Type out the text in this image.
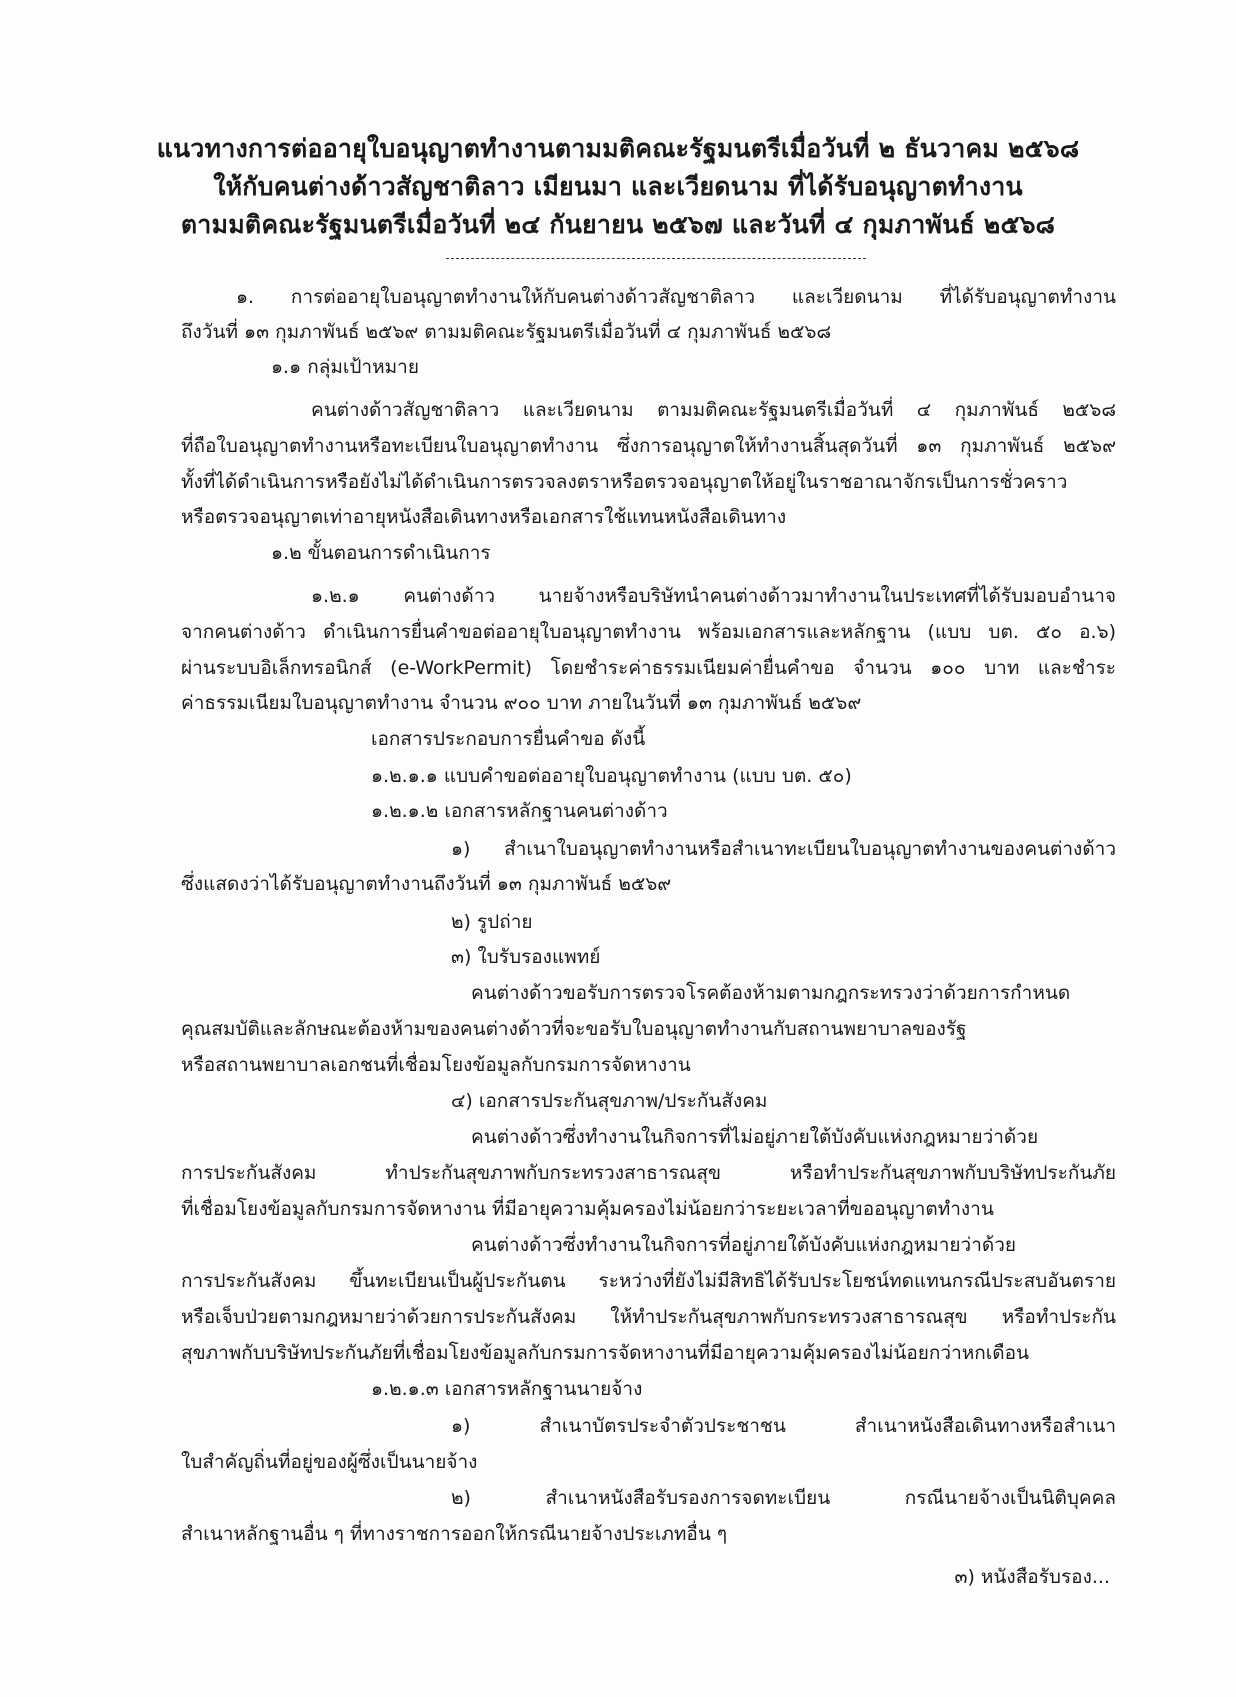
แนวทางการต่ออายุใบอนุญาตทำงานตามมติคณะรัฐมนตรีเมื่อวันที่ ๒ ธันวาคม ๒๕๖๘
ให้กับคนต่างด้าวสัญชาติลาว เมียนมา และเวียดนาม ที่ได้รับอนุญาตทำงาน
ตามมติคณะรัฐมนตรีเมื่อวันที่ ๒๔ กันยายน ๒๕๖๗ และวันที่ ๔ กุมภาพันธ์ ๒๕๖๘
๑. การต่ออายุใบอนุญาตทำงานให้กับคนต่างด้าวสัญชาติลาว และเวียดนาม ที่ได้รับอนุญาตทำงาน
ถึงวันที่ ๑๓ กุมภาพันธ์ ๒๕๖๙ ตามมติคณะรัฐมนตรีเมื่อวันที่ ๔ กุมภาพันธ์ ๒๕๖๘
๑.๑ กลุ่มเป้าหมาย
คนต่างด้าวสัญชาติลาว และเวียดนาม ตามมติคณะรัฐมนตรีเมื่อวันที่ ๔ กุมภาพันธ์ ๒๕๖๘
ที่ถือใบอนุญาตทำงานหรือทะเบียนใบอนุญาตทำงาน ซึ่งการอนุญาตให้ทำงานสิ้นสุดวันที่ ๑๓ กุมภาพันธ์ ๒๕๖๙
ทั้งที่ได้ดำเนินการหรือยังไม่ได้ดำเนินการตรวจลงตราหรือตรวจอนุญาตให้อยู่ในราชอาณาจักรเป็นการชั่วคราว
หรือตรวจอนุญาตเท่าอายุหนังสือเดินทางหรือเอกสารใช้แทนหนังสือเดินทาง
๑.๒ ขั้นตอนการดำเนินการ
๑.๒.๑ คนต่างด้าว นายจ้างหรือบริษัทนำคนต่างด้าวมาทำงานในประเทศที่ได้รับมอบอำนาจ
จากคนต่างด้าว ดำเนินการยื่นคำขอต่ออายุใบอนุญาตทำงาน พร้อมเอกสารและหลักฐาน (แบบ บต. ๕๐ อ.๖)
ผ่านระบบอิเล็กทรอนิกส์ (e-WorkPermit) โดยชำระค่าธรรมเนียมค่ายื่นคำขอ จำนวน ๑๐๐ บาท และชำระ
ค่าธรรมเนียมใบอนุญาตทำงาน จำนวน ๙๐๐ บาท ภายในวันที่ ๑๓ กุมภาพันธ์ ๒๕๖๙
เอกสารประกอบการยื่นคำขอ ดังนี้
๑.๒.๑.๑ แบบคำขอต่ออายุใบอนุญาตทำงาน (แบบ บต. ๕๐)
๑.๒.๑.๒ เอกสารหลักฐานคนต่างด้าว
๑) สำเนาใบอนุญาตทำงานหรือสำเนาทะเบียนใบอนุญาตทำงานของคนต่างด้าว
ซึ่งแสดงว่าได้รับอนุญาตทำงานถึงวันที่ ๑๓ กุมภาพันธ์ ๒๕๖๙
๒) รูปถ่าย
๓) ใบรับรองแพทย์
คนต่างด้าวขอรับการตรวจโรคต้องห้ามตามกฎกระทรวงว่าด้วยการกำหนด
คุณสมบัติและลักษณะต้องห้ามของคนต่างด้าวที่จะขอรับใบอนุญาตทำงานกับสถานพยาบาลของรัฐ
หรือสถานพยาบาลเอกชนที่เชื่อมโยงข้อมูลกับกรมการจัดหางาน
๔) เอกสารประกันสุขภาพ/ประกันสังคม
คนต่างด้าวซึ่งทำงานในกิจการที่ไม่อยู่ภายใต้บังคับแห่งกฎหมายว่าด้วย
การประกันสังคม ทำประกันสุขภาพกับกระทรวงสาธารณสุข หรือทำประกันสุขภาพกับบริษัทประกันภัย
ที่เชื่อมโยงข้อมูลกับกรมการจัดหางาน ที่มีอายุความคุ้มครองไม่น้อยกว่าระยะเวลาที่ขออนุญาตทำงาน
คนต่างด้าวซึ่งทำงานในกิจการที่อยู่ภายใต้บังคับแห่งกฎหมายว่าด้วย
การประกันสังคม ขึ้นทะเบียนเป็นผู้ประกันตน ระหว่างที่ยังไม่มีสิทธิได้รับประโยชน์ทดแทนกรณีประสบอันตราย
หรือเจ็บป่วยตามกฎหมายว่าด้วยการประกันสังคม ให้ทำประกันสุขภาพกับกระทรวงสาธารณสุข หรือทำประกัน
สุขภาพกับบริษัทประกันภัยที่เชื่อมโยงข้อมูลกับกรมการจัดหางานที่มีอายุความคุ้มครองไม่น้อยกว่าหกเดือน
๑.๒.๑.๓ เอกสารหลักฐานนายจ้าง
๑) สำเนาบัตรประจำตัวประชาชน สำเนาหนังสือเดินทางหรือสำเนา
ใบสำคัญถิ่นที่อยู่ของผู้ซึ่งเป็นนายจ้าง
๒) สำเนาหนังสือรับรองการจดทะเบียน กรณีนายจ้างเป็นนิติบุคคล
สำเนาหลักฐานอื่น ๆ ที่ทางราชการออกให้กรณีนายจ้างประเภทอื่น ๆ
๓) หนังสือรับรอง...
